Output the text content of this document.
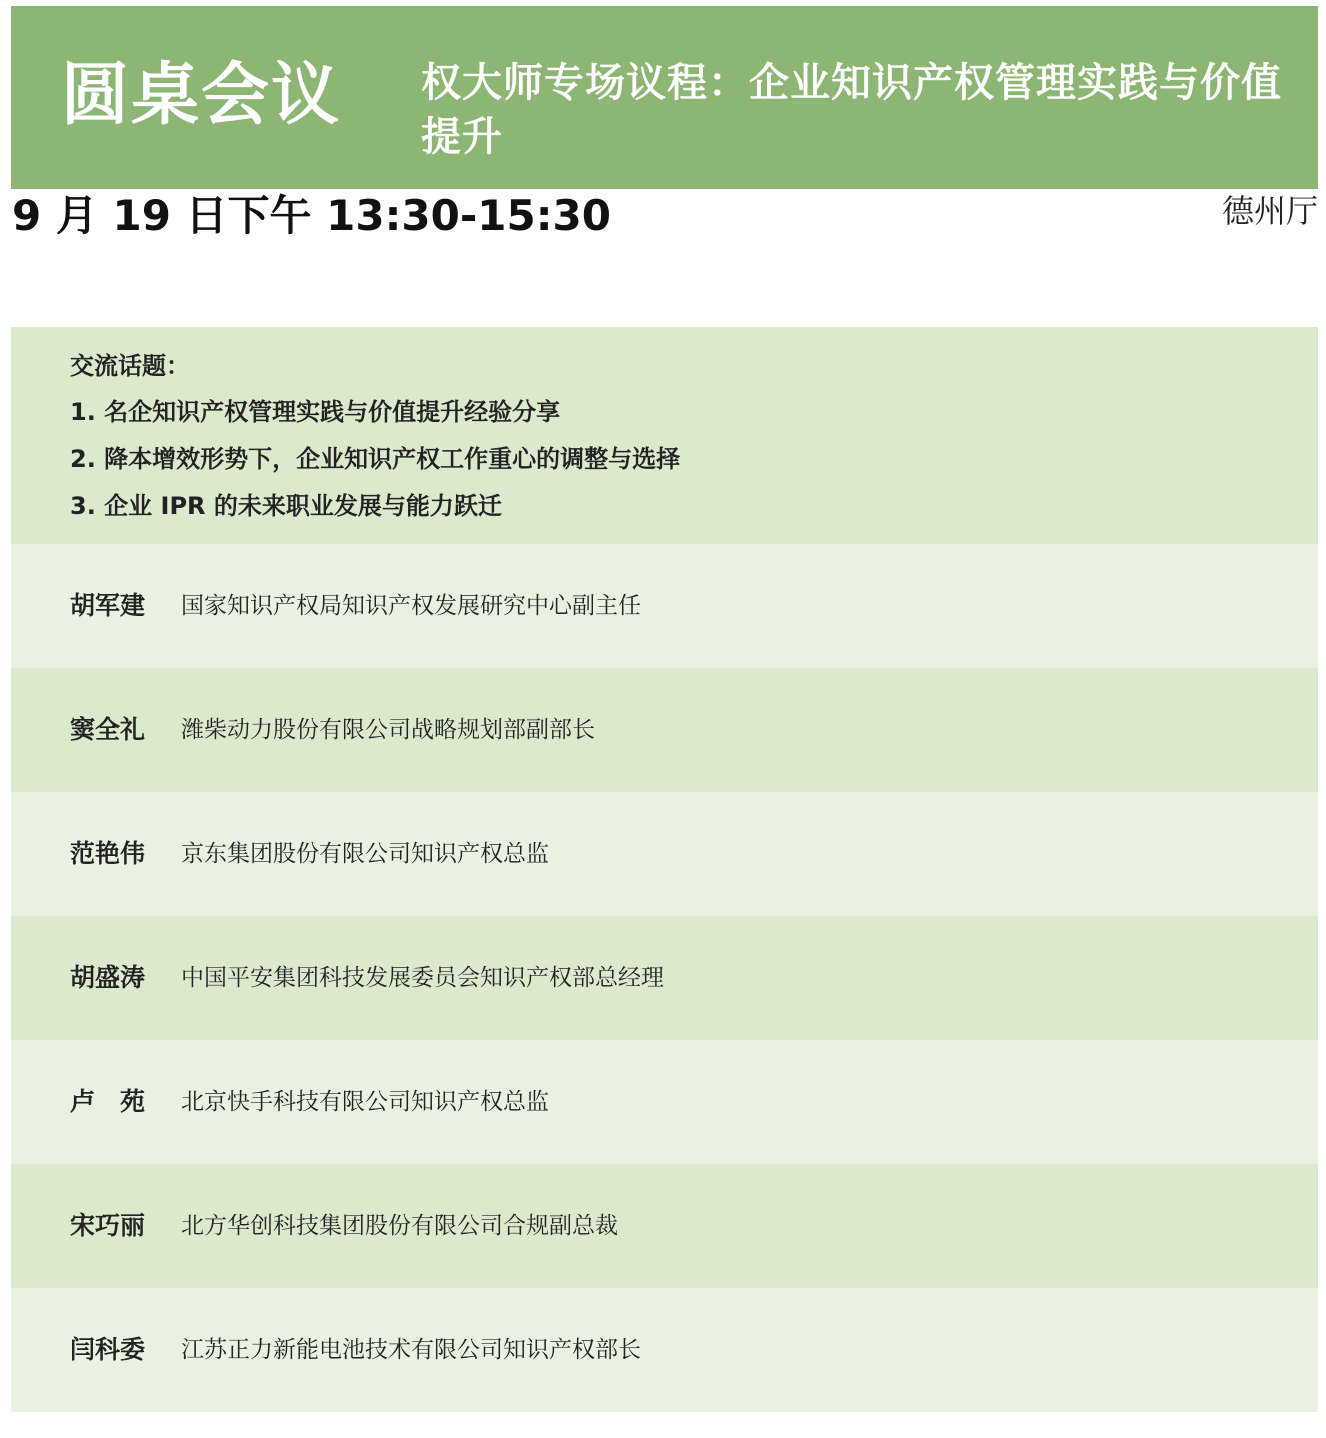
圆桌会议 权大师专场议程：企业知识产权管理实践与价值提升
9 月 19 日下午 13:30-15:30	德州厅
交流话题：
1. 名企知识产权管理实践与价值提升经验分享
2. 降本增效形势下，企业知识产权工作重心的调整与选择
3. 企业 IPR 的未来职业发展与能力跃迁
胡军建	国家知识产权局知识产权发展研究中心副主任
窦全礼	潍柴动力股份有限公司战略规划部副部长
范艳伟	京东集团股份有限公司知识产权总监
胡盛涛	中国平安集团科技发展委员会知识产权部总经理
卢　苑	北京快手科技有限公司知识产权总监
宋巧丽	北方华创科技集团股份有限公司合规副总裁
闫科委	江苏正力新能电池技术有限公司知识产权部长
